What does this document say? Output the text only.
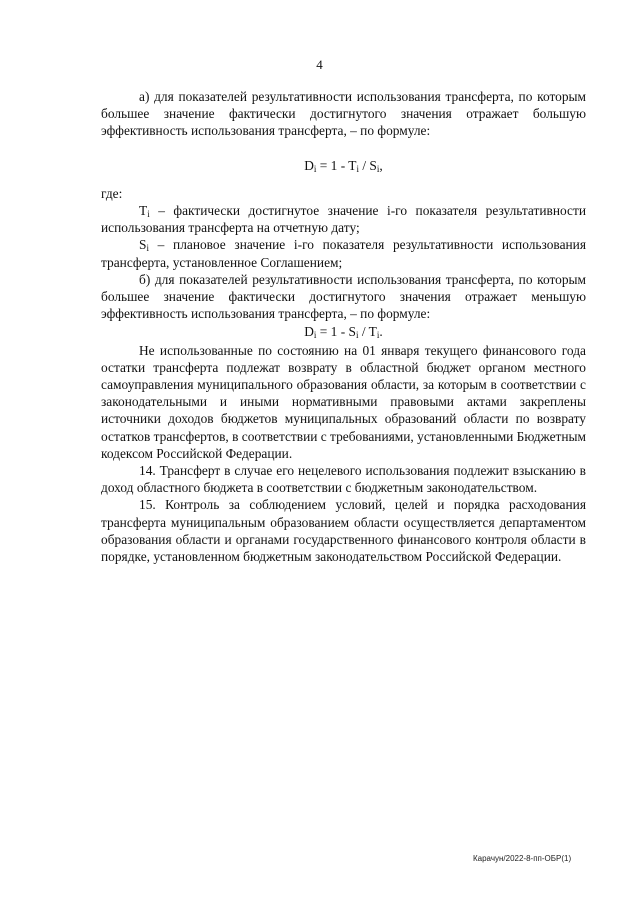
4

а) для показателей результативности использования трансферта, по которым большее значение фактически достигнутого значения отражает большую эффективность использования трансферта, – по формуле:

$D_i = 1 - T_i / S_i$,

где:

$T_i$ – фактически достигнутое значение i-го показателя результативности использования трансферта на отчетную дату;

$S_i$ – плановое значение i-го показателя результативности использования трансферта, установленное Соглашением;

б) для показателей результативности использования трансферта, по которым большее значение фактически достигнутого значения отражает меньшую эффективность использования трансферта, – по формуле:

$D_i = 1 - S_i / T_i$.

Не использованные по состоянию на 01 января текущего финансового года остатки трансферта подлежат возврату в областной бюджет органом местного самоуправления муниципального образования области, за которым в соответствии с законодательными и иными нормативными правовыми актами закреплены источники доходов бюджетов муниципальных образований области по возврату остатков трансфертов, в соответствии с требованиями, установленными Бюджетным кодексом Российской Федерации.

14. Трансферт в случае его нецелевого использования подлежит взысканию в доход областного бюджета в соответствии с бюджетным законодательством.

15. Контроль за соблюдением условий, целей и порядка расходования трансферта муниципальным образованием области осуществляется департаментом образования области и органами государственного финансового контроля области в порядке, установленном бюджетным законодательством Российской Федерации.

Карачун/2022-8-пп-ОБР(1)
